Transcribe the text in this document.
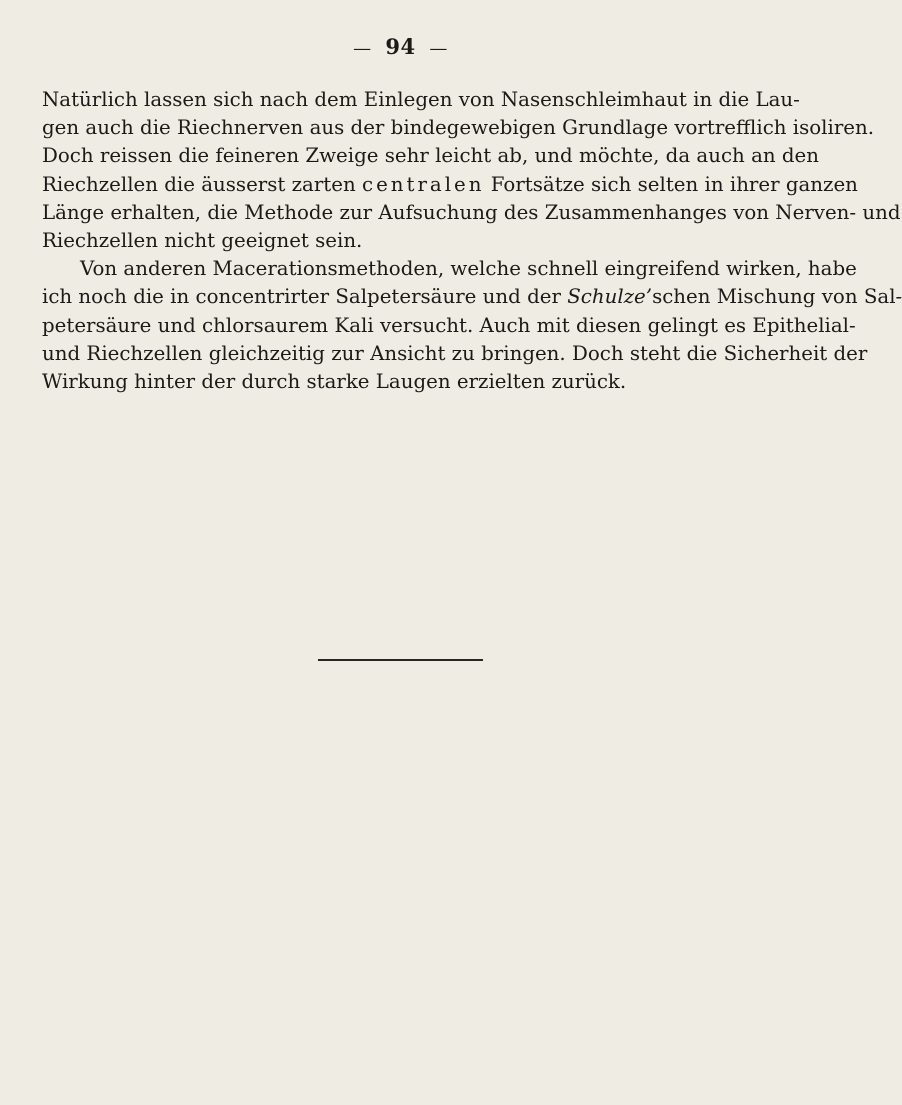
— 94 —
Natürlich lassen sich nach dem Einlegen von Nasenschleimhaut in die Lau-
gen auch die Riechnerven aus der bindegewebigen Grundlage vortrefflich isoliren.
Doch reissen die feineren Zweige sehr leicht ab, und möchte, da auch an den
Riechzellen die äusserst zarten centralen Fortsätze sich selten in ihrer ganzen
Länge erhalten, die Methode zur Aufsuchung des Zusammenhanges von Nerven- und
Riechzellen nicht geeignet sein.
Von anderen Macerationsmethoden, welche schnell eingreifend wirken, habe
ich noch die in concentrirter Salpetersäure und der Schulze’schen Mischung von Sal-
petersäure und chlorsaurem Kali versucht. Auch mit diesen gelingt es Epithelial-
und Riechzellen gleichzeitig zur Ansicht zu bringen. Doch steht die Sicherheit der
Wirkung hinter der durch starke Laugen erzielten zurück.
